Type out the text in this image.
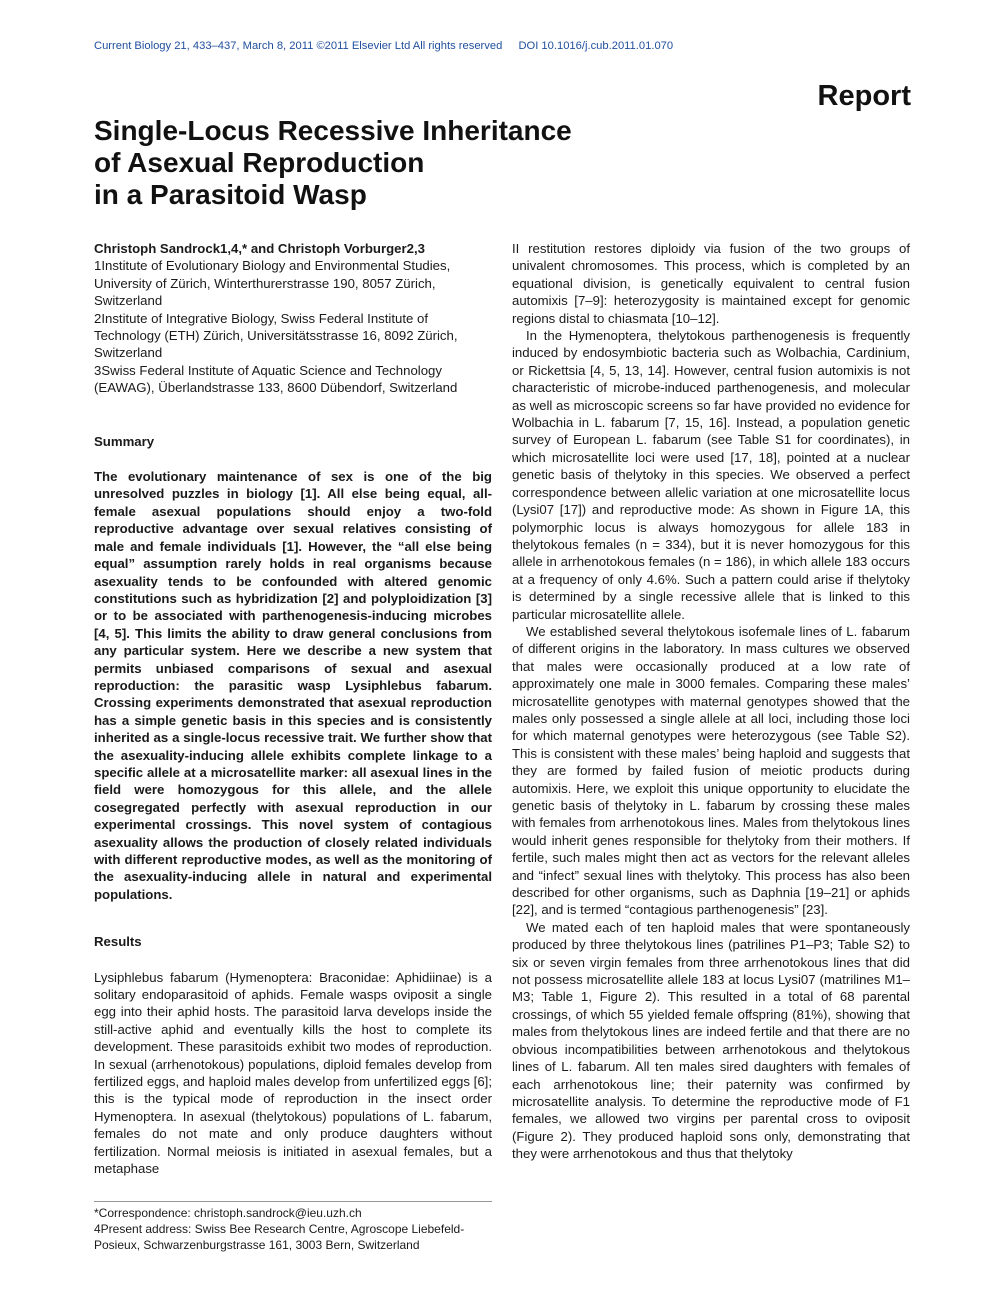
Current Biology 21, 433–437, March 8, 2011 ©2011 Elsevier Ltd All rights reserved DOI 10.1016/j.cub.2011.01.070
Report
Single-Locus Recessive Inheritance
of Asexual Reproduction
in a Parasitoid Wasp

Christoph Sandrock1,4,* and Christoph Vorburger2,3

1Institute of Evolutionary Biology and Environmental Studies, University of Zürich, Winterthurerstrasse 190, 8057 Zürich, Switzerland

2Institute of Integrative Biology, Swiss Federal Institute of Technology (ETH) Zürich, Universitätsstrasse 16, 8092 Zürich, Switzerland

3Swiss Federal Institute of Aquatic Science and Technology (EAWAG), Überlandstrasse 133, 8600 Dübendorf, Switzerland

Summary

The evolutionary maintenance of sex is one of the big unresolved puzzles in biology [1]. All else being equal, all-female asexual populations should enjoy a two-fold reproductive advantage over sexual relatives consisting of male and female individuals [1]. However, the “all else being equal” assumption rarely holds in real organisms because asexuality tends to be confounded with altered genomic constitutions such as hybridization [2] and polyploidization [3] or to be associated with parthenogenesis-inducing microbes [4, 5]. This limits the ability to draw general conclusions from any particular system. Here we describe a new system that permits unbiased comparisons of sexual and asexual reproduction: the parasitic wasp Lysiphlebus fabarum. Crossing experiments demonstrated that asexual reproduction has a simple genetic basis in this species and is consistently inherited as a single-locus recessive trait. We further show that the asexuality-inducing allele exhibits complete linkage to a specific allele at a microsatellite marker: all asexual lines in the field were homozygous for this allele, and the allele cosegregated perfectly with asexual reproduction in our experimental crossings. This novel system of contagious asexuality allows the production of closely related individuals with different reproductive modes, as well as the monitoring of the asexuality-inducing allele in natural and experimental populations.

Results

Lysiphlebus fabarum (Hymenoptera: Braconidae: Aphidiinae) is a solitary endoparasitoid of aphids. Female wasps oviposit a single egg into their aphid hosts. The parasitoid larva develops inside the still-active aphid and eventually kills the host to complete its development. These parasitoids exhibit two modes of reproduction. In sexual (arrhenotokous) populations, diploid females develop from fertilized eggs, and haploid males develop from unfertilized eggs [6]; this is the typical mode of reproduction in the insect order Hymenoptera. In asexual (thelytokous) populations of L. fabarum, females do not mate and only produce daughters without fertilization. Normal meiosis is initiated in asexual females, but a metaphase

II restitution restores diploidy via fusion of the two groups of univalent chromosomes. This process, which is completed by an equational division, is genetically equivalent to central fusion automixis [7–9]: heterozygosity is maintained except for genomic regions distal to chiasmata [10–12].

In the Hymenoptera, thelytokous parthenogenesis is frequently induced by endosymbiotic bacteria such as Wolbachia, Cardinium, or Rickettsia [4, 5, 13, 14]. However, central fusion automixis is not characteristic of microbe-induced parthenogenesis, and molecular as well as microscopic screens so far have provided no evidence for Wolbachia in L. fabarum [7, 15, 16]. Instead, a population genetic survey of European L. fabarum (see Table S1 for coordinates), in which microsatellite loci were used [17, 18], pointed at a nuclear genetic basis of thelytoky in this species. We observed a perfect correspondence between allelic variation at one microsatellite locus (Lysi07 [17]) and reproductive mode: As shown in Figure 1A, this polymorphic locus is always homozygous for allele 183 in thelytokous females (n = 334), but it is never homozygous for this allele in arrhenotokous females (n = 186), in which allele 183 occurs at a frequency of only 4.6%. Such a pattern could arise if thelytoky is determined by a single recessive allele that is linked to this particular microsatellite allele.

We established several thelytokous isofemale lines of L. fabarum of different origins in the laboratory. In mass cultures we observed that males were occasionally produced at a low rate of approximately one male in 3000 females. Comparing these males’ microsatellite genotypes with maternal genotypes showed that the males only possessed a single allele at all loci, including those loci for which maternal genotypes were heterozygous (see Table S2). This is consistent with these males’ being haploid and suggests that they are formed by failed fusion of meiotic products during automixis. Here, we exploit this unique opportunity to elucidate the genetic basis of thelytoky in L. fabarum by crossing these males with females from arrhenotokous lines. Males from thelytokous lines would inherit genes responsible for thelytoky from their mothers. If fertile, such males might then act as vectors for the relevant alleles and “infect” sexual lines with thelytoky. This process has also been described for other organisms, such as Daphnia [19–21] or aphids [22], and is termed “contagious parthenogenesis” [23].

We mated each of ten haploid males that were spontaneously produced by three thelytokous lines (patrilines P1–P3; Table S2) to six or seven virgin females from three arrhenotokous lines that did not possess microsatellite allele 183 at locus Lysi07 (matrilines M1–M3; Table 1, Figure 2). This resulted in a total of 68 parental crossings, of which 55 yielded female offspring (81%), showing that males from thelytokous lines are indeed fertile and that there are no obvious incompatibilities between arrhenotokous and thelytokous lines of L. fabarum. All ten males sired daughters with females of each arrhenotokous line; their paternity was confirmed by microsatellite analysis. To determine the reproductive mode of F1 females, we allowed two virgins per parental cross to oviposit (Figure 2). They produced haploid sons only, demonstrating that they were arrhenotokous and thus that thelytoky

*Correspondence: christoph.sandrock@ieu.uzh.ch
4Present address: Swiss Bee Research Centre, Agroscope Liebefeld-Posieux, Schwarzenburgstrasse 161, 3003 Bern, Switzerland
